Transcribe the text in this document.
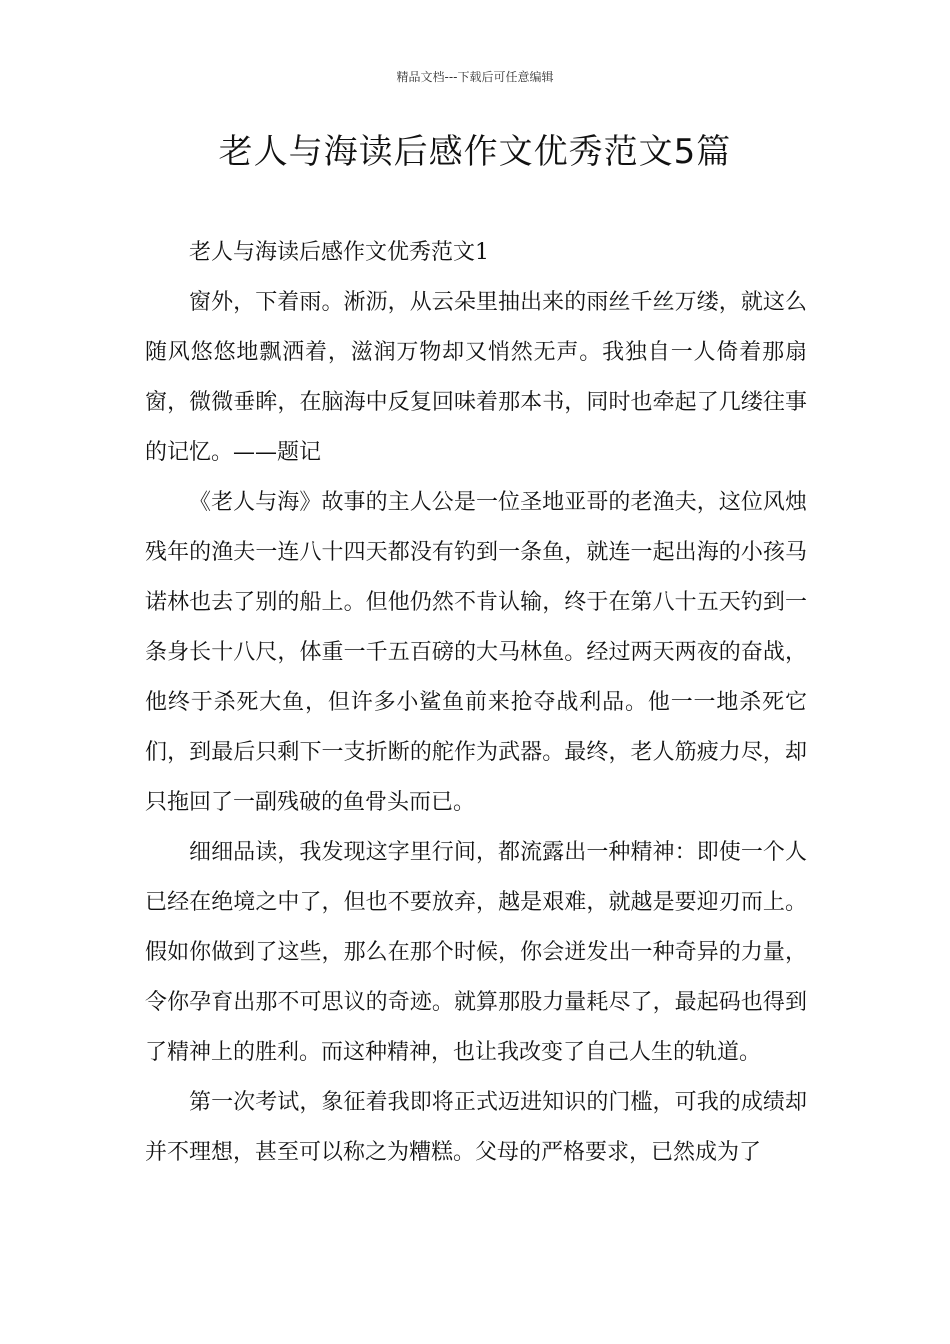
精品文档---下载后可任意编辑
老人与海读后感作文优秀范文5篇

老人与海读后感作文优秀范文1

窗外，下着雨。淅沥，从云朵里抽出来的雨丝千丝万缕，就这么随风悠悠地飘洒着，滋润万物却又悄然无声。我独自一人倚着那扇窗，微微垂眸，在脑海中反复回味着那本书，同时也牵起了几缕往事的记忆。——题记

《老人与海》故事的主人公是一位圣地亚哥的老渔夫，这位风烛残年的渔夫一连八十四天都没有钓到一条鱼，就连一起出海的小孩马诺林也去了别的船上。但他仍然不肯认输，终于在第八十五天钓到一条身长十八尺，体重一千五百磅的大马林鱼。经过两天两夜的奋战，他终于杀死大鱼，但许多小鲨鱼前来抢夺战利品。他一一地杀死它们，到最后只剩下一支折断的舵作为武器。最终，老人筋疲力尽，却只拖回了一副残破的鱼骨头而已。

细细品读，我发现这字里行间，都流露出一种精神：即使一个人已经在绝境之中了，但也不要放弃，越是艰难，就越是要迎刃而上。假如你做到了这些，那么在那个时候，你会迸发出一种奇异的力量，令你孕育出那不可思议的奇迹。就算那股力量耗尽了，最起码也得到了精神上的胜利。而这种精神，也让我改变了自己人生的轨道。

第一次考试，象征着我即将正式迈进知识的门槛，可我的成绩却并不理想，甚至可以称之为糟糕。父母的严格要求，已然成为了
